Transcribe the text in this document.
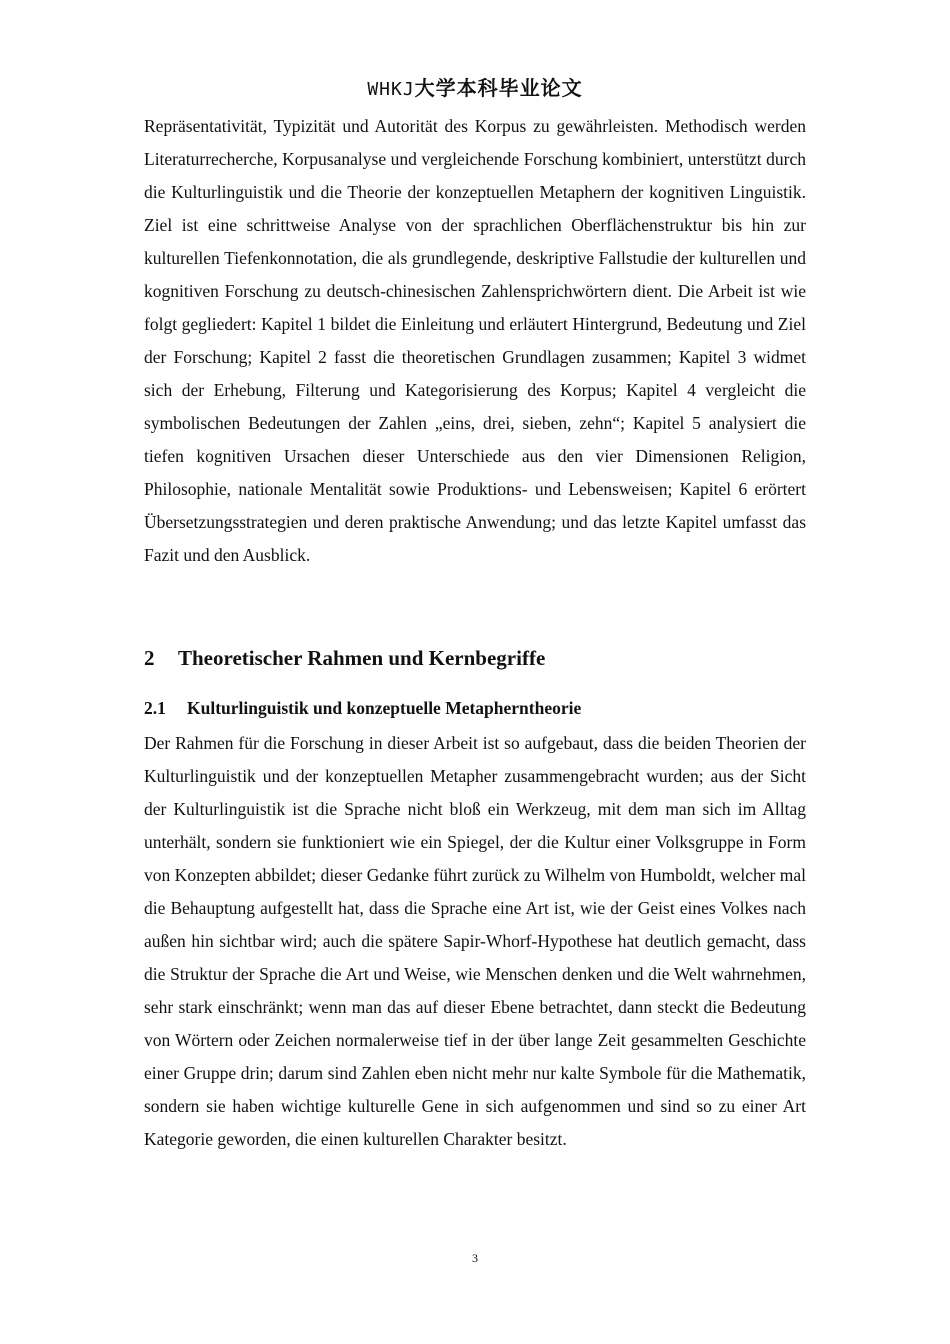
WHKJ大学本科毕业论文

Repräsentativität, Typizität und Autorität des Korpus zu gewährleisten. Methodisch werden Literaturrecherche, Korpusanalyse und vergleichende Forschung kombiniert, unterstützt durch die Kulturlinguistik und die Theorie der konzeptuellen Metaphern der kognitiven Linguistik. Ziel ist eine schrittweise Analyse von der sprachlichen Oberflächenstruktur bis hin zur kulturellen Tiefenkonnotation, die als grundlegende, deskriptive Fallstudie der kulturellen und kognitiven Forschung zu deutsch-chinesischen Zahlensprichwörtern dient. Die Arbeit ist wie folgt gegliedert: Kapitel 1 bildet die Einleitung und erläutert Hintergrund, Bedeutung und Ziel der Forschung; Kapitel 2 fasst die theoretischen Grundlagen zusammen; Kapitel 3 widmet sich der Erhebung, Filterung und Kategorisierung des Korpus; Kapitel 4 vergleicht die symbolischen Bedeutungen der Zahlen „eins, drei, sieben, zehn“; Kapitel 5 analysiert die tiefen kognitiven Ursachen dieser Unterschiede aus den vier Dimensionen Religion, Philosophie, nationale Mentalität sowie Produktions- und Lebensweisen; Kapitel 6 erörtert Übersetzungsstrategien und deren praktische Anwendung; und das letzte Kapitel umfasst das Fazit und den Ausblick.

2 Theoretischer Rahmen und Kernbegriffe
2.1 Kulturlinguistik und konzeptuelle Metapherntheorie

Der Rahmen für die Forschung in dieser Arbeit ist so aufgebaut, dass die beiden Theorien der Kulturlinguistik und der konzeptuellen Metapher zusammengebracht wurden; aus der Sicht der Kulturlinguistik ist die Sprache nicht bloß ein Werkzeug, mit dem man sich im Alltag unterhält, sondern sie funktioniert wie ein Spiegel, der die Kultur einer Volksgruppe in Form von Konzepten abbildet; dieser Gedanke führt zurück zu Wilhelm von Humboldt, welcher mal die Behauptung aufgestellt hat, dass die Sprache eine Art ist, wie der Geist eines Volkes nach außen hin sichtbar wird; auch die spätere Sapir-Whorf-Hypothese hat deutlich gemacht, dass die Struktur der Sprache die Art und Weise, wie Menschen denken und die Welt wahrnehmen, sehr stark einschränkt; wenn man das auf dieser Ebene betrachtet, dann steckt die Bedeutung von Wörtern oder Zeichen normalerweise tief in der über lange Zeit gesammelten Geschichte einer Gruppe drin; darum sind Zahlen eben nicht mehr nur kalte Symbole für die Mathematik, sondern sie haben wichtige kulturelle Gene in sich aufgenommen und sind so zu einer Art Kategorie geworden, die einen kulturellen Charakter besitzt.

3
